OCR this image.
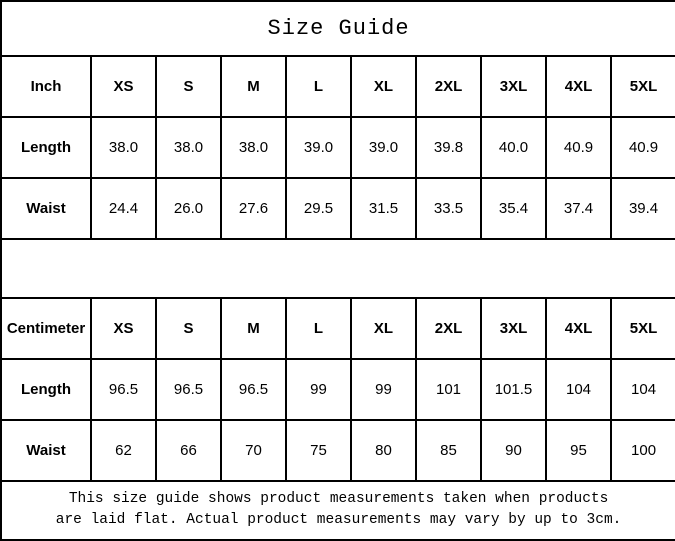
Size Guide									
Inch	XS	S	M	L	XL	2XL	3XL	4XL	5XL
Length	38.0	38.0	38.0	39.0	39.0	39.8	40.0	40.9	40.9
Waist	24.4	26.0	27.6	29.5	31.5	33.5	35.4	37.4	39.4

Centimeter	XS	S	M	L	XL	2XL	3XL	4XL	5XL
Length	96.5	96.5	96.5	99	99	101	101.5	104	104
Waist	62	66	70	75	80	85	90	95	100

This size guide shows product measurements taken when products
are laid flat. Actual product measurements may vary by up to 3cm.									
